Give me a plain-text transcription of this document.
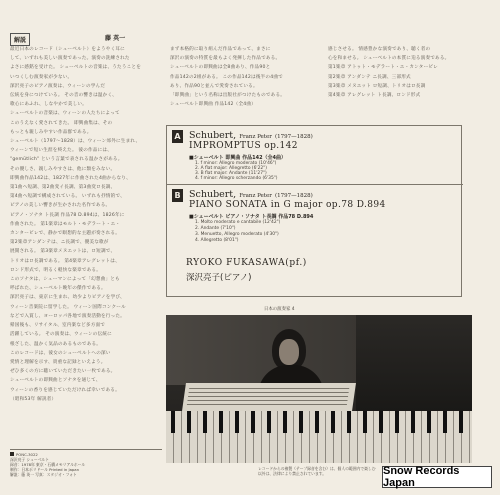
解説	藤 英一
最近日本のレコード（シューベルト）をようやく耳に
して、いずれも美しい演奏であった。演奏の洗練された
よさに感銘を受けた。 シューベルトの音楽は、うたうことを
いつくしむ演奏家が少ない。
深沢亮子のピアノ演奏は、ウィーンの学んだ
伝統を身につけている。 その音の響きは温かく、
歌心にあふれ、しなやかで美しい。
シューベルトの音楽は、ウィーンの人たちによって
このうえなく愛されてきた。 即興曲集は、その
もっとも親しみやすい作品群である。
シューベルト（1797〜1828）は、ウィーン郊外に生まれ、
ウィーンで短い生涯を終えた。 彼の作品には、
"gemütlich" という言葉で表される温かさがある。
その優しさ、親しみやすさは、他に類をみない。
即興曲作品142は、1827年に作曲された4曲からなり、
第1曲ヘ短調、第2曲変イ長調、第3曲変ロ長調、
第4曲ヘ短調で構成されている。 いずれも抒情的で、
ピアノの美しい響きが生かされた名作である。
ピアノ・ソナタ ト長調 作品78 D.894は、1826年に
作曲された。 第1楽章はモルト・モデラート・エ・
カンタービレで、静かで瞑想的な主題が奏される。
第2楽章アンダンテは、ニ長調で、優美な歌が
展開される。 第3楽章メヌエットは、ロ短調で、
トリオはロ長調である。 第4楽章アレグレットは、
ロンド形式で、明るく軽快な楽章である。
このソナタは、シューマンによって「幻想曲」とも
呼ばれた、シューベルト晩年の傑作である。
深沢亮子は、東京に生まれ、幼少よりピアノを学び、
ウィーン音楽院に留学した。 ウィーン国際コンクール
などで入賞し、ヨーロッパ各地で演奏活動を行った。
帰国後も、リサイタル、室内楽など多方面で
活躍している。 その演奏は、ウィーンの伝統に
根ざした、温かく気品のあるものである。
このレコードは、彼女のシューベルトへの深い
愛情と理解を示す、貴重な記録といえよう。
ぜひ多くの方に聴いていただきたい一枚である。
シューベルトの即興曲とソナタを通じて、
ウィーンの香りを感じていただければ幸いである。
（昭和53年 解説者）
まず本格的に取り組んだ作品であって、まさに
深沢の演奏の特質を最もよく発揮した作品である。
シューベルトの即興曲は全8曲あり、作品90と
作品142の2組がある。 この作品142は後半の4曲で
あり、作品90と並んで愛奏されている。
「即興曲」という名称は出版社がつけたものである。
シューベルト即興曲 作品142（全4曲）
感じさせる。 情感豊かな演奏であり、聴く者の
心を和ませる。 シューベルトの本質に迫る演奏である。
第1楽章 アトゥト・モデラート・エ・カンタービレ
第2楽章 アンダンテ ニ長調、三部形式
第3楽章 メヌエット ロ短調、トリオはロ長調
第4楽章 アレグレット ト長調、ロンド形式
A Schubert, Franz Peter (1797—1828)
IMPROMPTUS op.142
■シューベルト 即興曲 作品142（全4曲）
1. f minor: Allegro moderato (10'46")
2. A flat major: Allegretto (6'22")
3. B flat major: Andante (11'27")
4. f minor: Allegro scherzando (6'35")
B Schubert, Franz Peter (1797—1828)
PIANO SONATA in G major op.78 D.894
■シューベルト ピアノ・ソナタ ト長調 作品78 D.894
1. Molto moderato e cantabile (12'42")
2. Andante (7'10")
3. Menuetto, Allegro moderato (4'30")
4. Allegretto (8'01")
RYOKO FUKASAWA(pf.)
深沢亮子(ピアノ)
日本の演奏家 4
レコードからの複製（テープ録音を含む）は、個人の範囲内で楽しむ以外は、法律により禁止されています。
PONC-3022
深沢亮子 シューベルト
録音：1978年 東京・石橋メモリアルホール
制作：日本ポリドール Printed in Japan
解説：藤 英一 写真：スタジオ・フォト	Snow Records Japan
